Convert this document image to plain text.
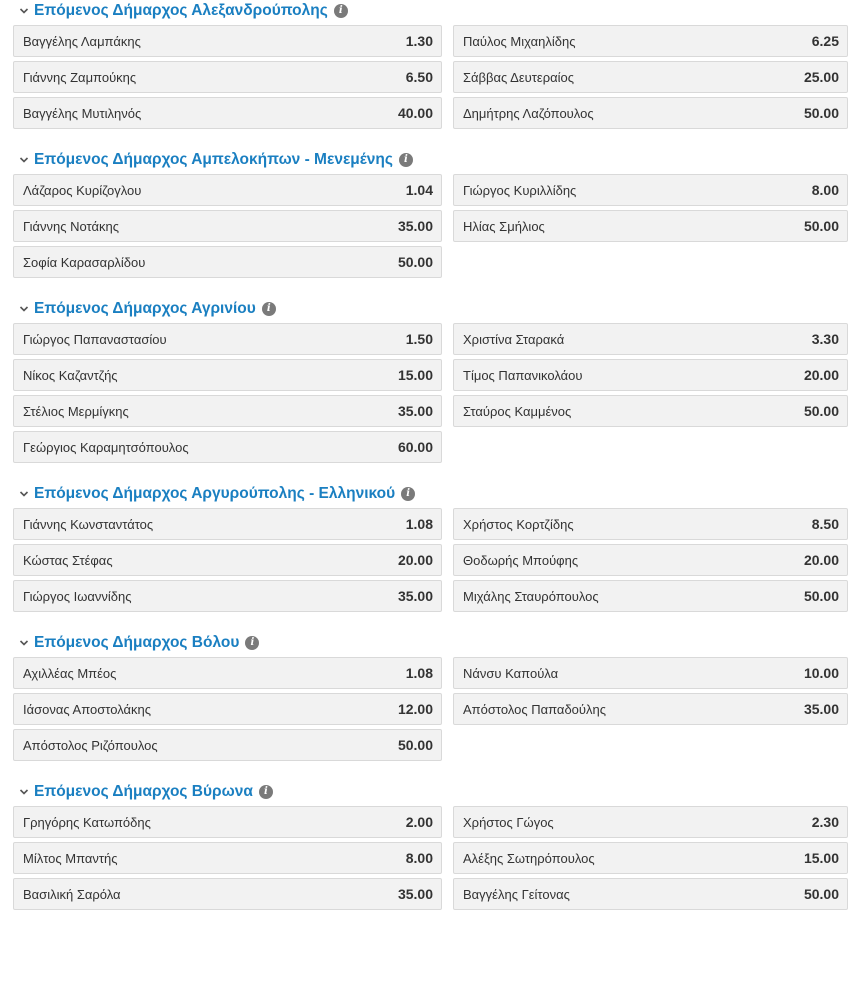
Επόμενος Δήμαρχος Αλεξανδρούπολης	i
Βαγγέλης Λαμπάκης	1.30 Παύλος Μιχαηλίδης	6.25
Γιάννης Ζαμπούκης	6.50 Σάββας Δευτεραίος	25.00
Βαγγέλης Μυτιληνός	40.00 Δημήτρης Λαζόπουλος	50.00
Επόμενος Δήμαρχος Αμπελοκήπων - Μενεμένης	i
Λάζαρος Κυρίζογλου	1.04 Γιώργος Κυριλλίδης	8.00
Γιάννης Νοτάκης	35.00 Ηλίας Σμήλιος	50.00
Σοφία Καρασαρλίδου	50.00
Επόμενος Δήμαρχος Αγρινίου	i
Γιώργος Παπαναστασίου	1.50 Χριστίνα Σταρακά	3.30
Νίκος Καζαντζής	15.00 Τίμος Παπανικολάου	20.00
Στέλιος Μερμίγκης	35.00 Σταύρος Καμμένος	50.00
Γεώργιος Καραμητσόπουλος	60.00
Επόμενος Δήμαρχος Αργυρούπολης - Ελληνικού	i
Γιάννης Κωνσταντάτος	1.08 Χρήστος Κορτζίδης	8.50
Κώστας Στέφας	20.00 Θοδωρής Μπούφης	20.00
Γιώργος Ιωαννίδης	35.00 Μιχάλης Σταυρόπουλος	50.00
Επόμενος Δήμαρχος Βόλου	i
Αχιλλέας Μπέος	1.08 Νάνσυ Καπούλα	10.00
Ιάσονας Αποστολάκης	12.00 Απόστολος Παπαδούλης	35.00
Απόστολος Ριζόπουλος	50.00
Επόμενος Δήμαρχος Βύρωνα	i
Γρηγόρης Κατωπόδης	2.00 Χρήστος Γώγος	2.30
Μίλτος Μπαντής	8.00 Αλέξης Σωτηρόπουλος	15.00
Βασιλική Σαρόλα	35.00 Βαγγέλης Γείτονας	50.00
